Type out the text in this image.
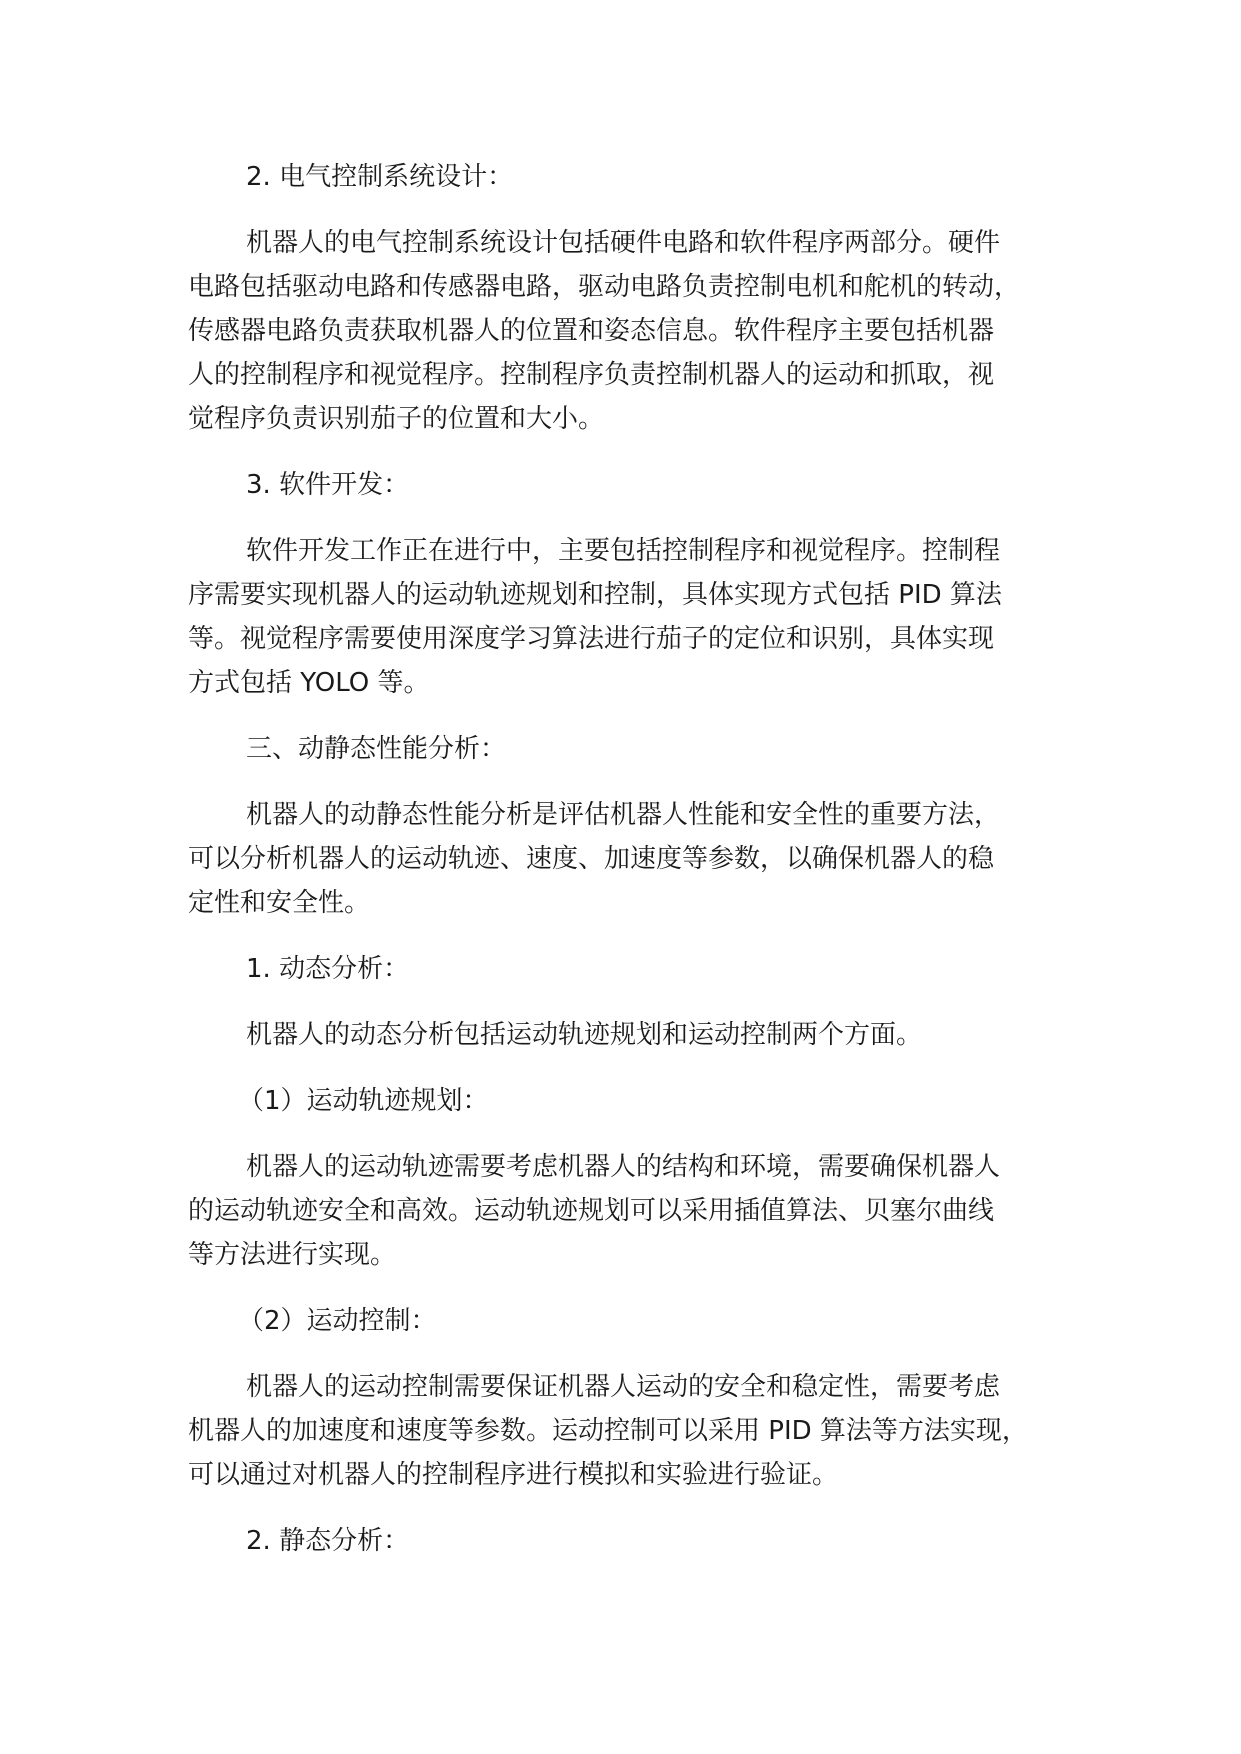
2. 电气控制系统设计：
机器人的电气控制系统设计包括硬件电路和软件程序两部分。硬件
电路包括驱动电路和传感器电路，驱动电路负责控制电机和舵机的转动，
传感器电路负责获取机器人的位置和姿态信息。软件程序主要包括机器
人的控制程序和视觉程序。控制程序负责控制机器人的运动和抓取，视
觉程序负责识别茄子的位置和大小。
3. 软件开发：
软件开发工作正在进行中，主要包括控制程序和视觉程序。控制程
序需要实现机器人的运动轨迹规划和控制，具体实现方式包括 PID 算法
等。视觉程序需要使用深度学习算法进行茄子的定位和识别，具体实现
方式包括 YOLO 等。
三、动静态性能分析：
机器人的动静态性能分析是评估机器人性能和安全性的重要方法，
可以分析机器人的运动轨迹、速度、加速度等参数，以确保机器人的稳
定性和安全性。
1. 动态分析：
机器人的动态分析包括运动轨迹规划和运动控制两个方面。
（1）运动轨迹规划：
机器人的运动轨迹需要考虑机器人的结构和环境，需要确保机器人
的运动轨迹安全和高效。运动轨迹规划可以采用插值算法、贝塞尔曲线
等方法进行实现。
（2）运动控制：
机器人的运动控制需要保证机器人运动的安全和稳定性，需要考虑
机器人的加速度和速度等参数。运动控制可以采用 PID 算法等方法实现，
可以通过对机器人的控制程序进行模拟和实验进行验证。
2. 静态分析：
